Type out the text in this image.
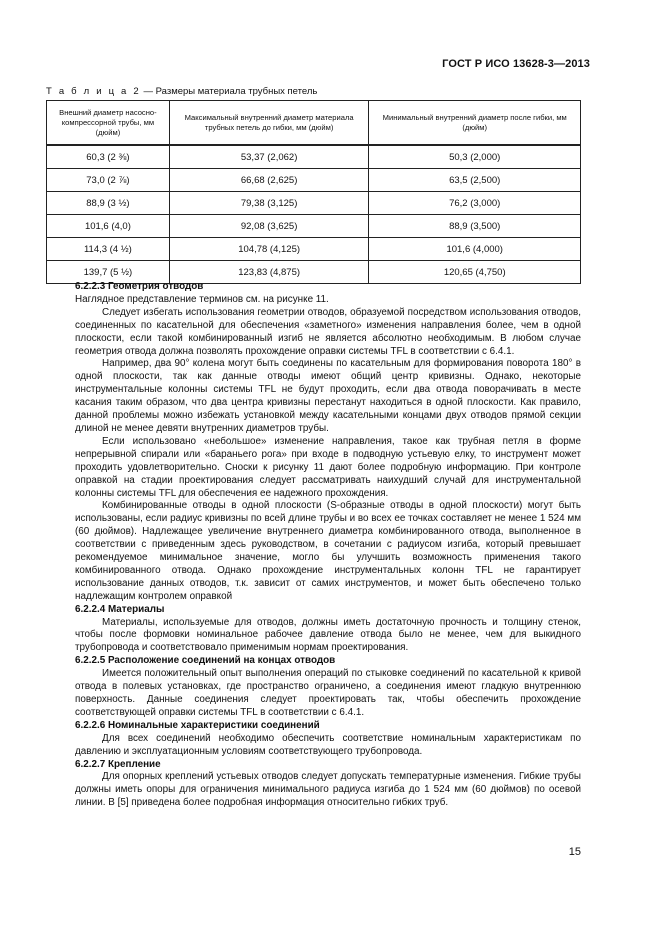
ГОСТ Р ИСО 13628-3—2013
Т а б л и ц а 2 — Размеры материала трубных петель
Внешний диаметр насосно-компрессорной трубы, мм (дюйм)	Максимальный внутренний диаметр материала трубных петель до гибки, мм (дюйм)	Минимальный внутренний диаметр после гибки, мм (дюйм)
60,3 (2 ⅜)	53,37 (2,062)	50,3 (2,000)
73,0 (2 ⅞)	66,68 (2,625)	63,5 (2,500)
88,9 (3 ½)	79,38 (3,125)	76,2 (3,000)
101,6 (4,0)	92,08 (3,625)	88,9 (3,500)
114,3 (4 ½)	104,78 (4,125)	101,6 (4,000)
139,7 (5 ½)	123,83 (4,875)	120,65 (4,750)

6.2.2.3 Геометрия отводов

Наглядное представление терминов см. на рисунке 11.

Следует избегать использования геометрии отводов, образуемой посредством использования отводов, соединенных по касательной для обеспечения «заметного» изменения направления более, чем в одной плоскости, если такой комбинированный изгиб не является абсолютно необходимым. В любом случае геометрия отвода должна позволять прохождение оправки системы TFL в соответствии с 6.4.1.

Например, два 90° колена могут быть соединены по касательным для формирования поворота 180° в одной плоскости, так как данные отводы имеют общий центр кривизны. Однако, некоторые инструментальные колонны системы TFL не будут проходить, если два отвода поворачивать в месте касания таким образом, что два центра кривизны перестанут находиться в одной плоскости. Как правило, данной проблемы можно избежать установкой между касательными концами двух отводов прямой секции длиной не менее девяти внутренних диаметров трубы.

Если использовано «небольшое» изменение направления, такое как трубная петля в форме непрерывной спирали или «бараньего рога» при входе в подводную устьевую елку, то инструмент может проходить удовлетворительно. Сноски к рисунку 11 дают более подробную информацию. При контроле оправкой на стадии проектирования следует рассматривать наихудший случай для инструментальной колонны системы TFL для обеспечения ее надежного прохождения.

Комбинированные отводы в одной плоскости (S-образные отводы в одной плоскости) могут быть использованы, если радиус кривизны по всей длине трубы и во всех ее точках составляет не менее 1 524 мм (60 дюймов). Надлежащее увеличение внутреннего диаметра комбинированного отвода, выполненное в соответствии с приведенным здесь руководством, в сочетании с радиусом изгиба, который превышает рекомендуемое минимальное значение, могло бы улучшить возможность применения такого комбинированного отвода. Однако прохождение инструментальных колонн TFL не гарантирует использование данных отводов, т.к. зависит от самих инструментов, и может быть обеспечено только надлежащим контролем оправкой

6.2.2.4 Материалы

Материалы, используемые для отводов, должны иметь достаточную прочность и толщину стенок, чтобы после формовки номинальное рабочее давление отвода было не менее, чем для выкидного трубопровода и соответствовало применимым нормам проектирования.

6.2.2.5 Расположение соединений на концах отводов

Имеется положительный опыт выполнения операций по стыковке соединений по касательной к кривой отвода в полевых установках, где пространство ограничено, а соединения имеют гладкую внутреннюю поверхность. Данные соединения следует проектировать так, чтобы обеспечить прохождение соответствующей оправки системы TFL в соответствии с 6.4.1.

6.2.2.6 Номинальные характеристики соединений

Для всех соединений необходимо обеспечить соответствие номинальным характеристикам по давлению и эксплуатационным условиям соответствующего трубопровода.

6.2.2.7 Крепление

Для опорных креплений устьевых отводов следует допускать температурные изменения. Гибкие трубы должны иметь опоры для ограничения минимального радиуса изгиба до 1 524 мм (60 дюймов) по осевой линии. В [5] приведена более подробная информация относительно гибких труб.

15
